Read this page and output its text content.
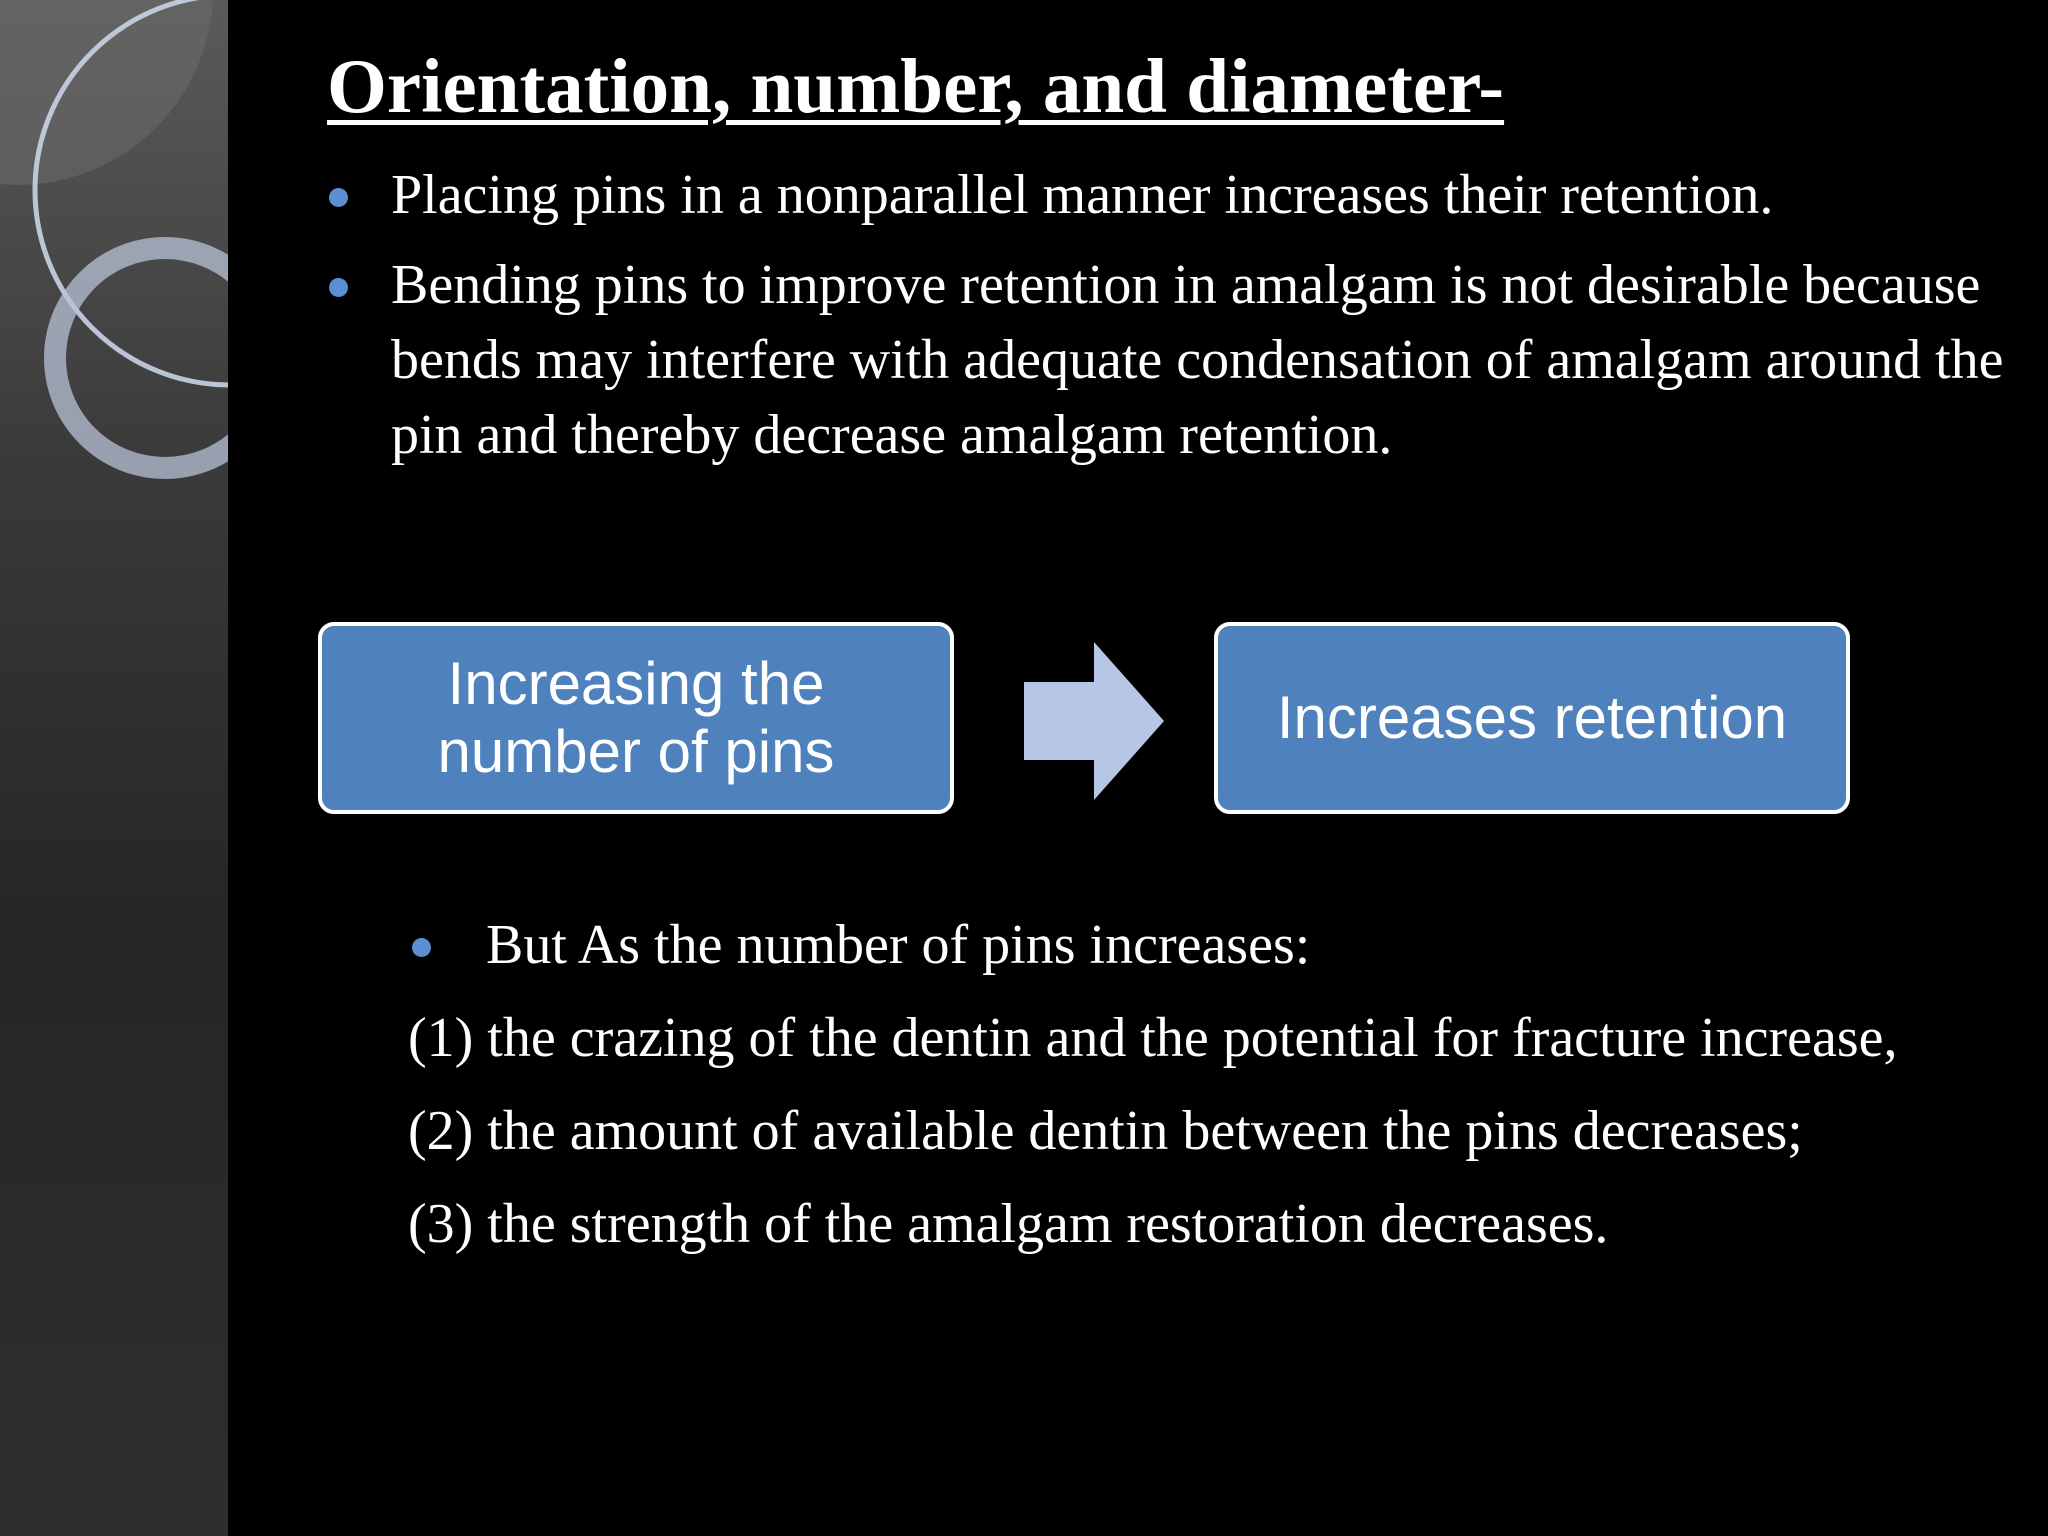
Orientation, number, and diameter-
Placing pins in a nonparallel manner increases their retention.
Bending pins to improve retention in amalgam is not desirable because bends may interfere with adequate condensation of amalgam around the pin and thereby decrease amalgam retention.
Increasing the number of pins
Increases retention
But As the number of pins increases:
(1) the crazing of the dentin and the potential for fracture increase,
(2) the amount of available dentin between the pins decreases;
(3) the strength of the amalgam restoration decreases.
